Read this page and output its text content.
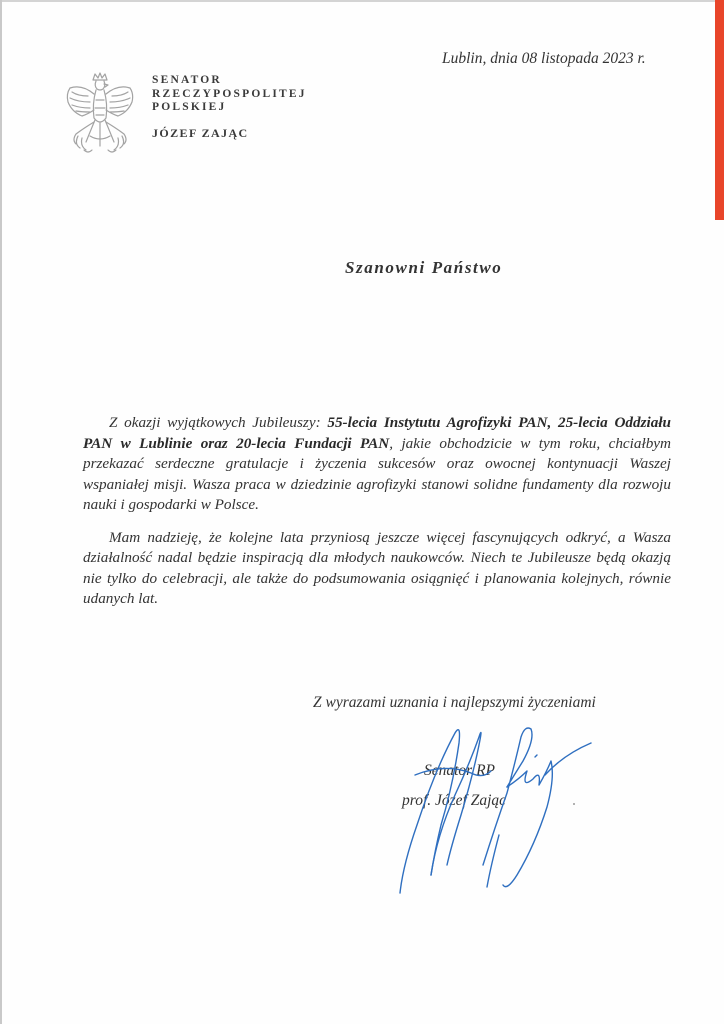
SENATOR
RZECZYPOSPOLITEJ
POLSKIEJ
JÓZEF ZAJĄC
Lublin, dnia 08 listopada 2023 r.
Szanowni Państwo

Z okazji wyjątkowych Jubileuszy: 55-lecia Instytutu Agrofizyki PAN, 25-lecia Oddziału PAN w Lublinie oraz 20-lecia Fundacji PAN, jakie obchodzicie w tym roku, chciałbym przekazać serdeczne gratulacje i życzenia sukcesów oraz owocnej kontynuacji Waszej wspaniałej misji. Wasza praca w dziedzinie agrofizyki stanowi solidne fundamenty dla rozwoju nauki i gospodarki w Polsce.

Mam nadzieję, że kolejne lata przyniosą jeszcze więcej fascynujących odkryć, a Wasza działalność nadal będzie inspiracją dla młodych naukowców. Niech te Jubileusze będą okazją nie tylko do celebracji, ale także do podsumowania osiągnięć i planowania kolejnych, równie udanych lat.

Z wyrazami uznania i najlepszymi życzeniami
Senator RP
prof. Józef Zając
